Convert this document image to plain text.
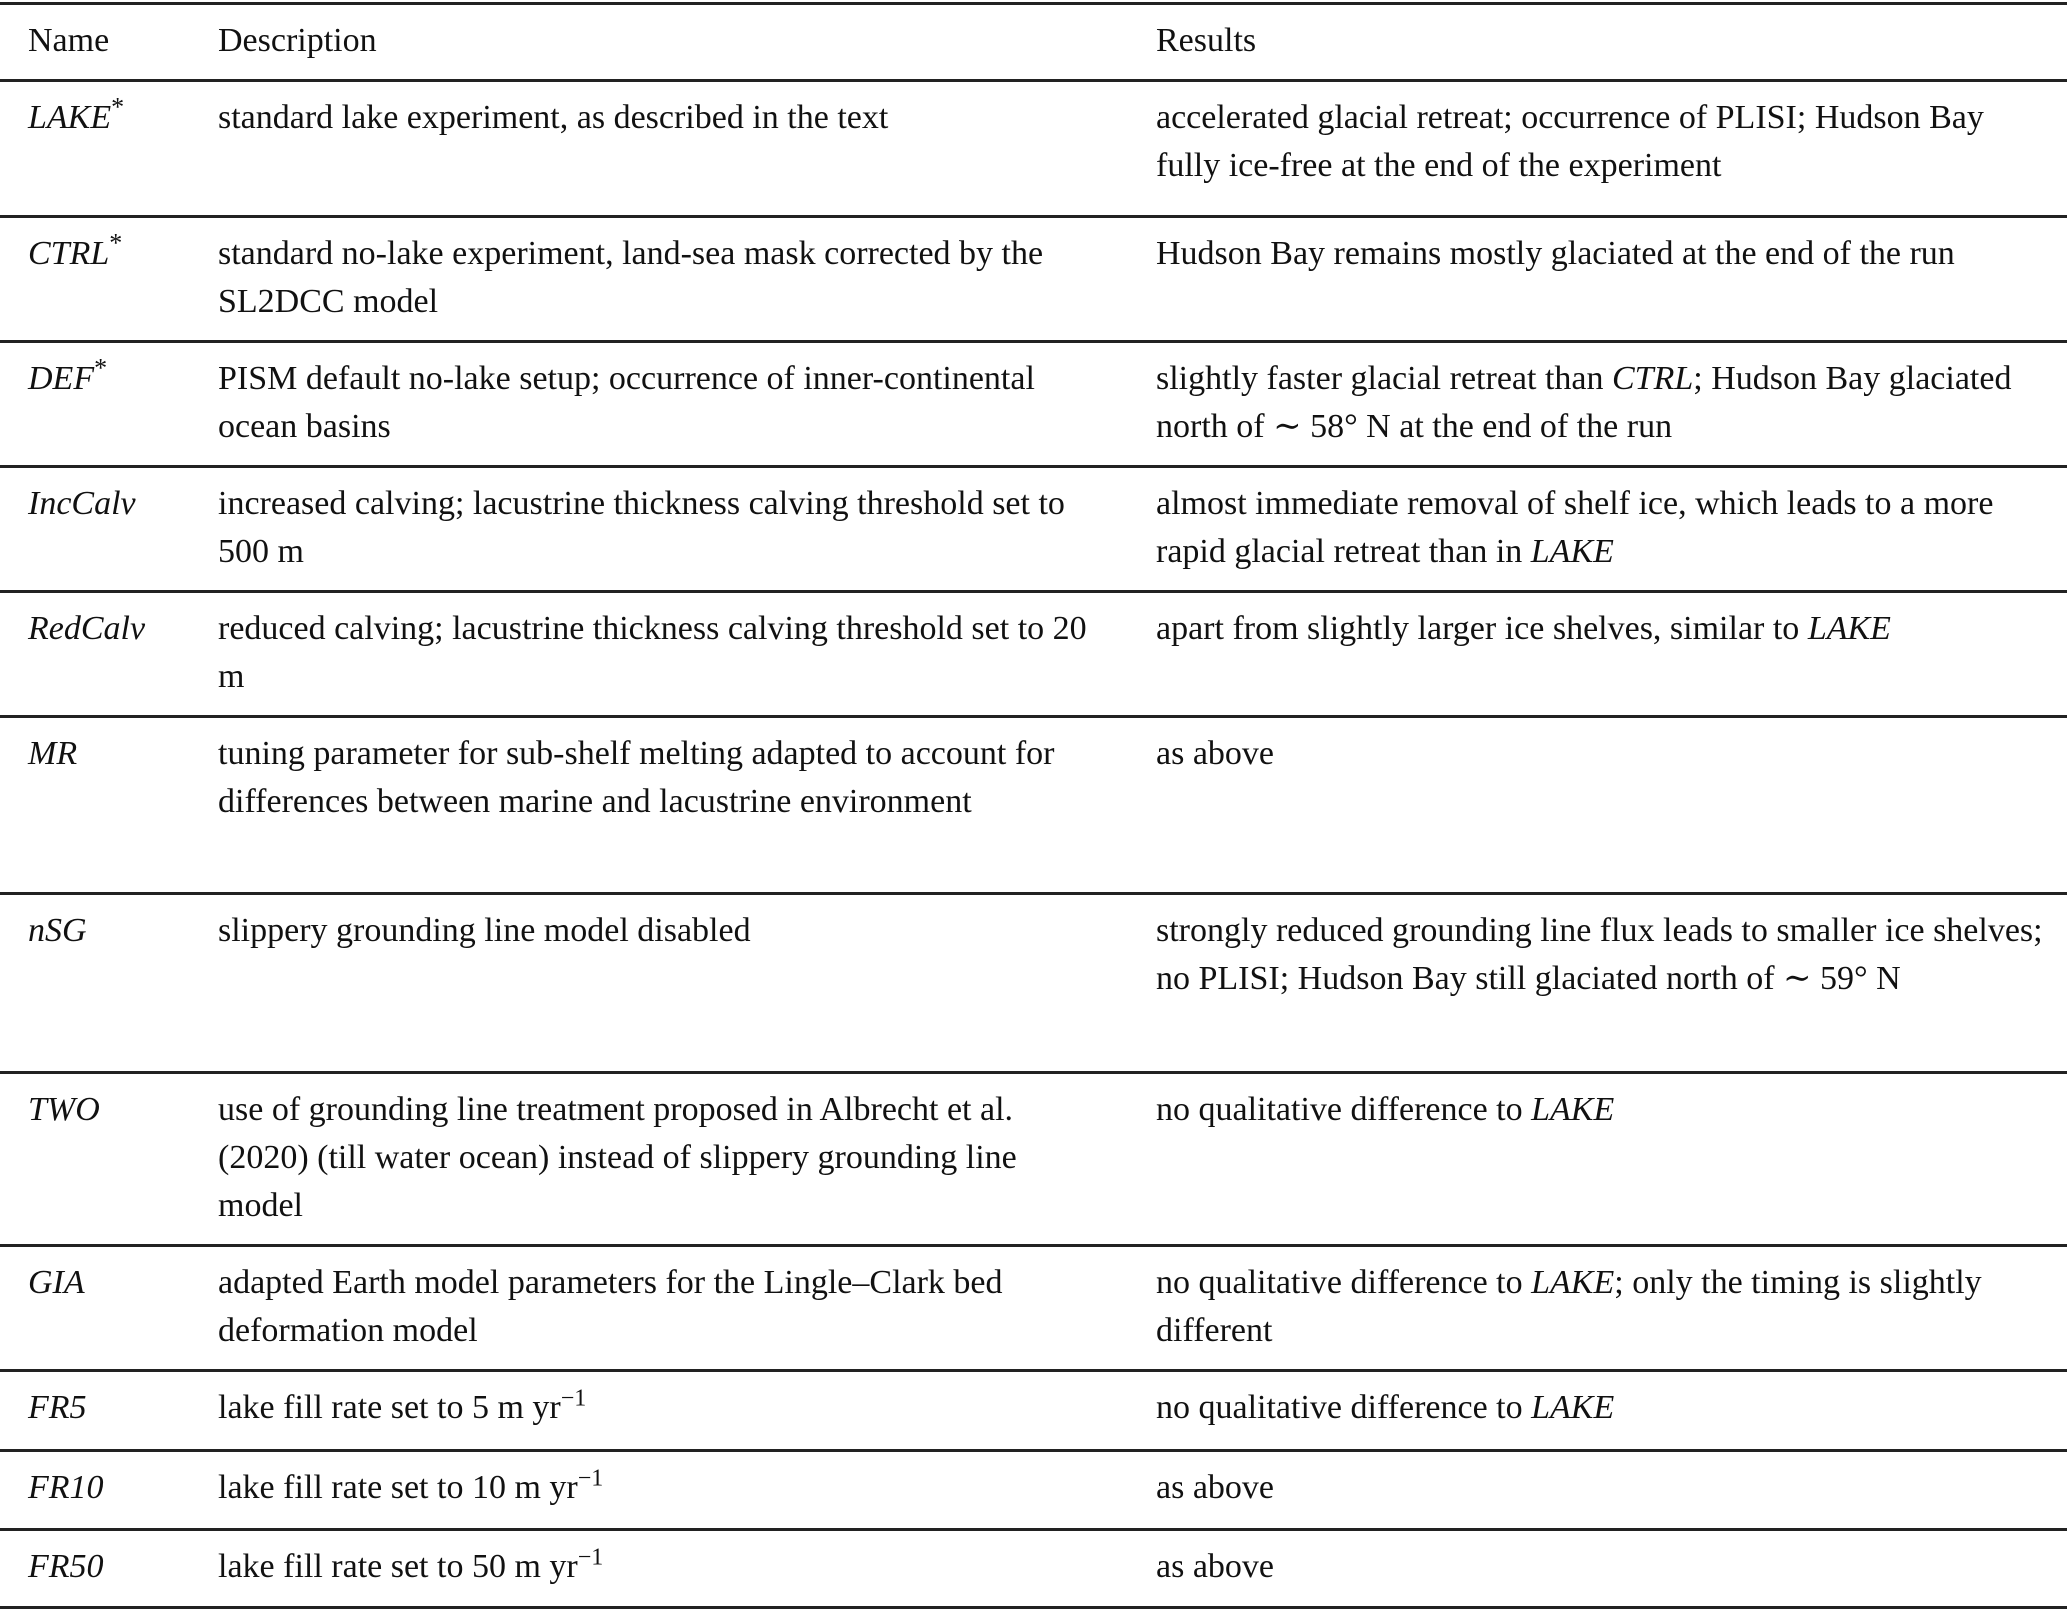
Name	Description	Results
LAKE*	standard lake experiment, as described in the text	accelerated glacial retreat; occurrence of PLISI; Hudson Bay fully ice-free at the end of the experiment
CTRL*	standard no-lake experiment, land-sea mask corrected by the SL2DCC model	Hudson Bay remains mostly glaciated at the end of the run
DEF*	PISM default no-lake setup; occurrence of inner-continental ocean basins	slightly faster glacial retreat than CTRL; Hudson Bay glaciated north of ∼ 58° N at the end of the run
IncCalv	increased calving; lacustrine thickness calving threshold set to 500 m	almost immediate removal of shelf ice, which leads to a more rapid glacial retreat than in LAKE
RedCalv	reduced calving; lacustrine thickness calving threshold set to 20 m	apart from slightly larger ice shelves, similar to LAKE
MR	tuning parameter for sub-shelf melting adapted to account for differences between marine and lacustrine environment	as above
nSG	slippery grounding line model disabled	strongly reduced grounding line flux leads to smaller ice shelves; no PLISI; Hudson Bay still glaciated north of ∼ 59° N
TWO	use of grounding line treatment proposed in Albrecht et al. (2020) (till water ocean) instead of slippery grounding line model	no qualitative difference to LAKE
GIA	adapted Earth model parameters for the Lingle–Clark bed deformation model	no qualitative difference to LAKE; only the timing is slightly different
FR5	lake fill rate set to 5 m $yr^{-1}$	no qualitative difference to LAKE
FR10	lake fill rate set to 10 m $yr^{-1}$	as above
FR50	lake fill rate set to 50 m $yr^{-1}$	as above
